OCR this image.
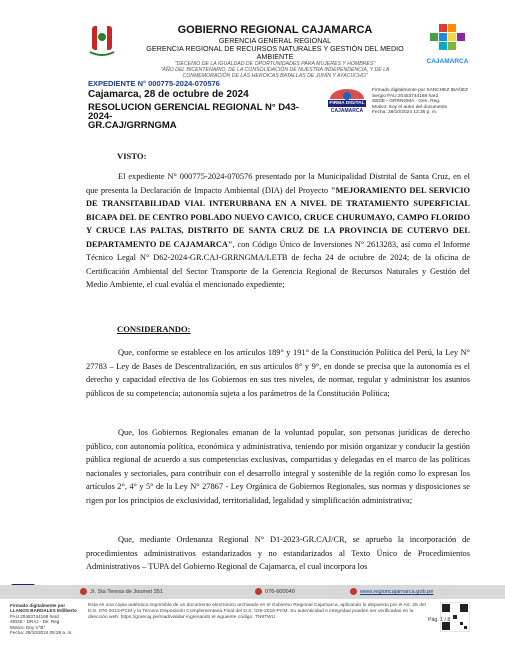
GOBIERNO REGIONAL CAJAMARCA
GERENCIA GENERAL REGIONAL
GERENCIA REGIONAL DE RECURSOS NATURALES Y GESTIÓN DEL MEDIO
AMBIENTE
"DECENIO DE LA IGUALDAD DE OPORTUNIDADES PARA MUJERES Y HOMBRES"
"AÑO DEL BICENTENARIO, DE LA CONSOLIDACIÓN DE NUESTRA INDEPENDENCIA, Y DE LA
CONMEMORACIÓN DE LAS HEROICAS BATALLAS DE JUNÍN Y AYACUCHO"
CAJAMARCA
EXPEDIENTE N° 000775-2024-070576
Cajamarca, 28 de octubre de 2024
RESOLUCION GERENCIAL REGIONAL N° D43-2024-
GR.CAJ/GRRNGMA
FIRMA DIGITAL
CAJAMARCA
Firmado digitalmente por SANCHEZ IBAÑEZ
Sergio FAU 20453744168 hard
SEDE - GRRNGMA - Gen. Reg.
Motivo: Soy el autor del documento
Fecha: 28/10/2024 12:36 p. m.
VISTO:

El expediente N° 000775-2024-070576 presentado por la Municipalidad Distrital de Santa Cruz, en el que presenta la Declaración de Impacto Ambiental (DIA) del Proyecto "MEJORAMIENTO DEL SERVICIO DE TRANSITABILIDAD VIAL INTERURBANA EN A NIVEL DE TRATAMIENTO SUPERFICIAL BICAPA DEL DE CENTRO POBLADO NUEVO CAVICO, CRUCE CHURUMAYO, CAMPO FLORIDO Y CRUCE LAS PALTAS, DISTRITO DE SANTA CRUZ DE LA PROVINCIA DE CUTERVO DEL DEPARTAMENTO DE CAJAMARCA", con Código Único de Inversiones N° 2613283, así como el Informe Técnico Legal N° D62-2024-GR.CAJ-GRRNGMA/LETB de fecha 24 de octubre de 2024; de la oficina de Certificación Ambiental del Sector Transporte de la Gerencia Regional de Recursos Naturales y Gestión del Medio Ambiente, el cual evalúa el mencionado expediente;

CONSIDERANDO:

Que, conforme se establece en los artículos 189° y 191° de la Constitución Política del Perú, la Ley N° 27783 – Ley de Bases de Descentralización, en sus artículos 8° y 9°, en donde se precisa que la autonomía es el derecho y capacidad efectiva de los Gobiernos en sus tres niveles, de normar, regular y administrar los asuntos públicos de su competencia; autonomía sujeta a los parámetros de la Constitución Política;

Que, los Gobiernos Regionales emanan de la voluntad popular, son personas jurídicas de derecho público, con autonomía política, económica y administrativa, teniendo por misión organizar y conducir la gestión pública regional de acuerdo a sus competencias exclusivas, compartidas y delegadas en el marco de las políticas nacionales y sectoriales, para contribuir con el desarrollo integral y sostenible de la región como lo expresan los artículos 2°, 4° y 5° de la Ley N° 27867 - Ley Orgánica de Gobiernos Regionales, sus normas y disposiciones se rigen por los principios de exclusividad, territorialidad, legalidad y simplificación administrativa;

Que, mediante Ordenanza Regional N° D1-2023-GR.CAJ/CR, se aprueba la incorporación de procedimientos administrativos estandarizados y no estandarizados al Texto Único de Procedimientos Administrativos – TUPA del Gobierno Regional de Cajamarca, el cual incorpora los

Jr. Sta Teresa de Journet 351	076-600040	www.regioncajamarca.gob.pe
Firmado digitalmente por
LLANOS BARDALES Edilberto
FAU 20453744168 hard
SEDE - DRAJ - Dir. Reg.
Motivo: Doy V°B°
Fecha: 28/10/2024 09:28 a. m.
Esta es una copia auténtica imprimible de un documento electrónico archivado en el Gobierno Regional Cajamarca, aplicando lo dispuesto por el Art. 25 del D.S. 070-2013-PCM y la Tercera Disposición Complementaria Final del D.S. 026-2016-PCM. Su autenticidad e integridad pueden ser verificadas en la dirección web: https://gorecaj.pe/mad/validar ingresando el siguiente código: TN9TWU	Pág. 1 / 8
